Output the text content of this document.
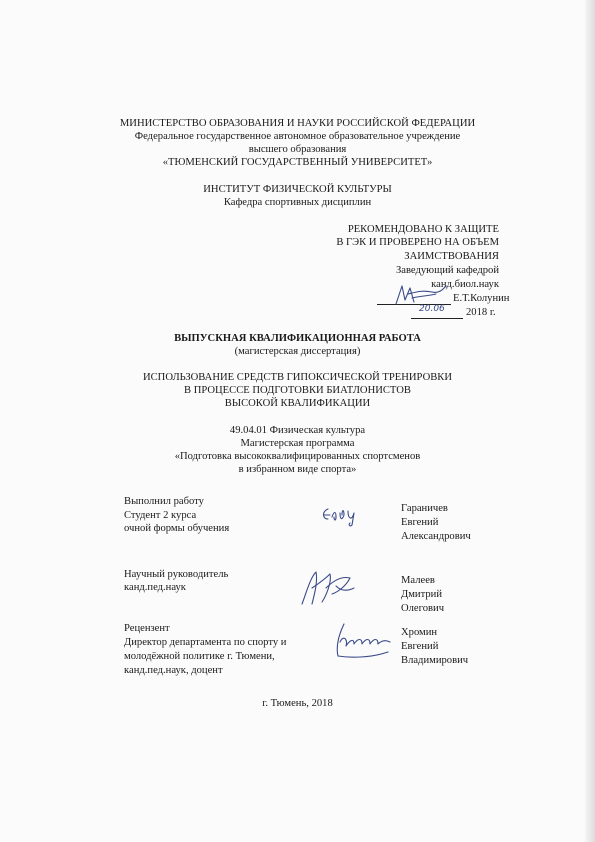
МИНИСТЕРСТВО ОБРАЗОВАНИЯ И НАУКИ РОССИЙСКОЙ ФЕДЕРАЦИИ
Федеральное государственное автономное образовательное учреждение
высшего образования
«ТЮМЕНСКИЙ ГОСУДАРСТВЕННЫЙ УНИВЕРСИТЕТ»
ИНСТИТУТ ФИЗИЧЕСКОЙ КУЛЬТУРЫ
Кафедра спортивных дисциплин
РЕКОМЕНДОВАНО К ЗАЩИТЕ
В ГЭК И ПРОВЕРЕНО НА ОБЪЕМ
ЗАИМСТВОВАНИЯ
Заведующий кафедрой
канд.биол.наук
Е.Т.Колунин
20.06 2018 г.
ВЫПУСКНАЯ КВАЛИФИКАЦИОННАЯ РАБОТА
(магистерская диссертация)
ИСПОЛЬЗОВАНИЕ СРЕДСТВ ГИПОКСИЧЕСКОЙ ТРЕНИРОВКИ
В ПРОЦЕССЕ ПОДГОТОВКИ БИАТЛОНИСТОВ
ВЫСОКОЙ КВАЛИФИКАЦИИ
49.04.01 Физическая культура
Магистерская программа
«Подготовка высококвалифицированных спортсменов
в избранном виде спорта»
Выполнил работу
Студент 2 курса
очной формы обучения
Гараничев
Евгений
Александрович
Научный руководитель
канд.пед.наук
Малеев
Дмитрий
Олегович
Рецензент
Директор департамента по спорту и
молодёжной политике г. Тюмени,
канд.пед.наук, доцент
Хромин
Евгений
Владимирович
г. Тюмень, 2018
